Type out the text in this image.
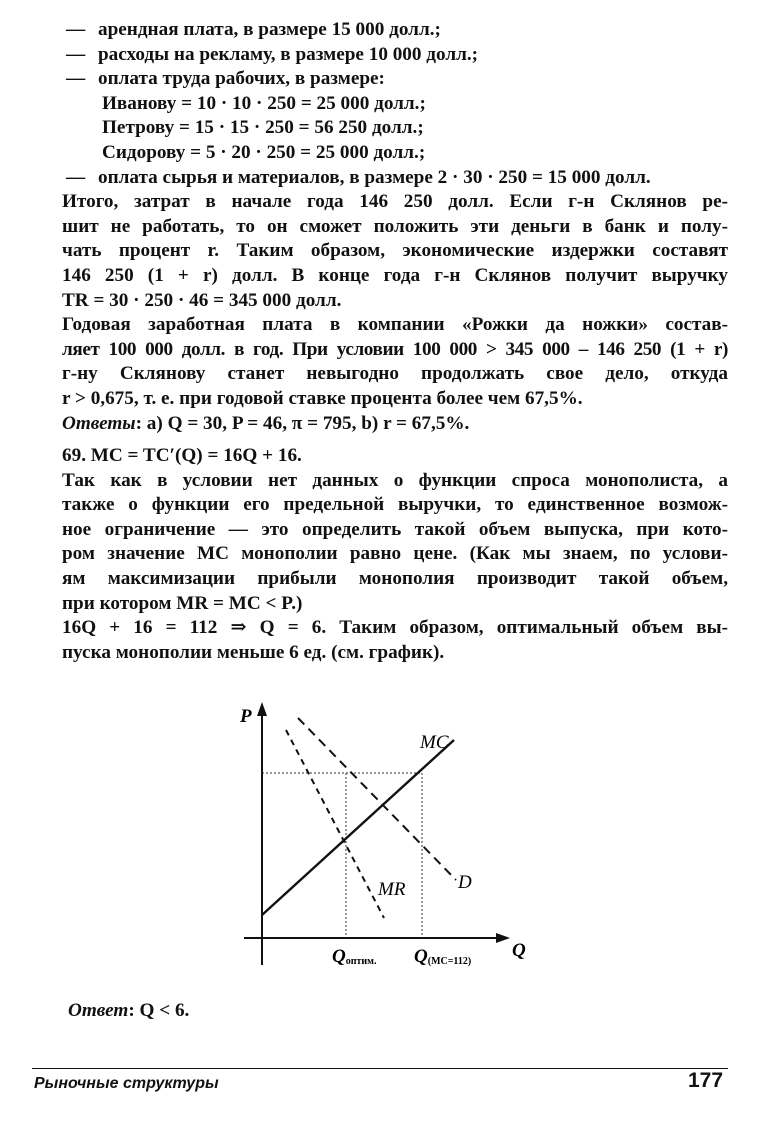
— арендная плата, в размере 15 000 долл.;
— расходы на рекламу, в размере 10 000 долл.;
— оплата труда рабочих, в размере:
Иванову = 10 · 10 · 250 = 25 000 долл.;
Петрову = 15 · 15 · 250 = 56 250 долл.;
Сидорову = 5 · 20 · 250 = 25 000 долл.;
— оплата сырья и материалов, в размере 2 · 30 · 250 = 15 000 долл.
Итого, затрат в начале года 146 250 долл. Если г-н Склянов ре-
шит не работать, то он сможет положить эти деньги в банк и полу-
чать процент r. Таким образом, экономические издержки составят
146 250 (1 + r) долл. В конце года г-н Склянов получит выручку
TR = 30 · 250 · 46 = 345 000 долл.
Годовая заработная плата в компании «Рожки да ножки» состав-
ляет 100 000 долл. в год. При условии 100 000 > 345 000 – 146 250 (1 + r)
г-ну Склянову станет невыгодно продолжать свое дело, откуда
r > 0,675, т. е. при годовой ставке процента более чем 67,5%.
Ответы: a) Q = 30, P = 46, π = 795, b) r = 67,5%.
69. MC = TC′(Q) = 16Q + 16.
Так как в условии нет данных о функции спроса монополиста, а
также о функции его предельной выручки, то единственное возмож-
ное ограничение — это определить такой объем выпуска, при кото-
ром значение MC монополии равно цене. (Как мы знаем, по услови-
ям максимизации прибыли монополия производит такой объем,
при котором MR = MC < P.)
16Q + 16 = 112 ⇒ Q = 6. Таким образом, оптимальный объем вы-
пуска монополии меньше 6 ед. (см. график).
P
Q
MC
MR	D
Qоптим. Q(MC=112)
Ответ: Q < 6.
Рыночные структуры	177
